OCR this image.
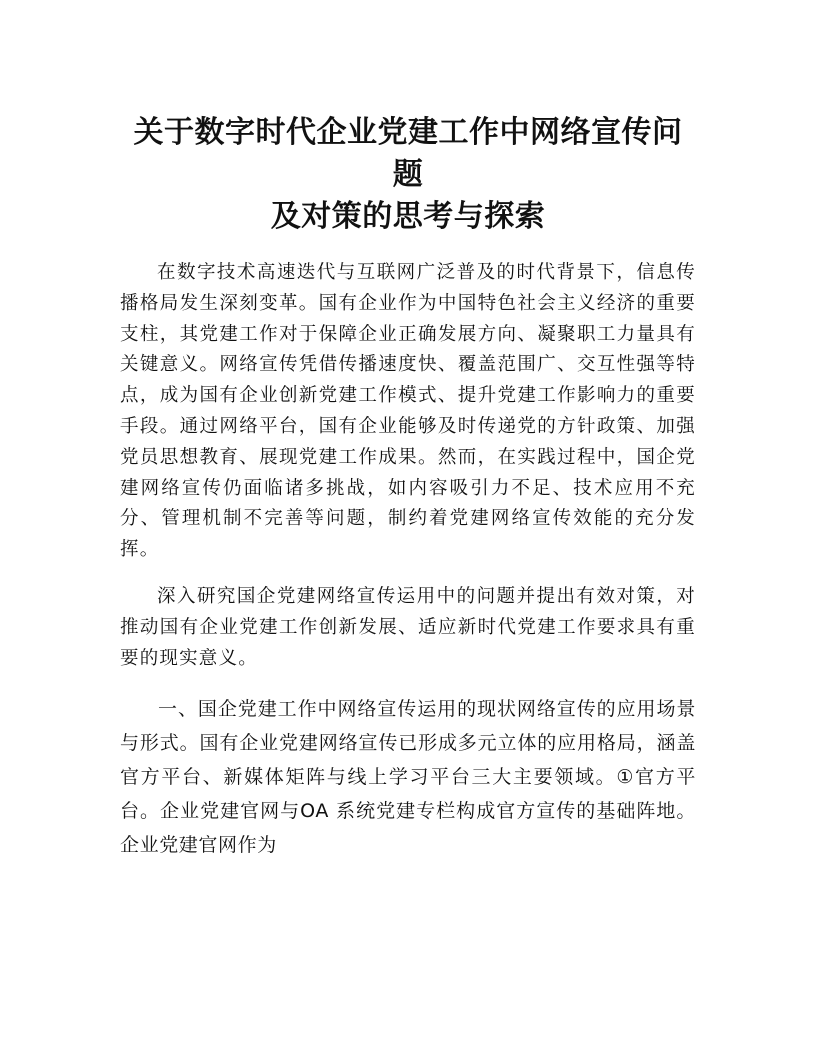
关于数字时代企业党建工作中网络宣传问题
及对策的思考与探索

在数字技术高速迭代与互联网广泛普及的时代背景下，信息传播格局发生深刻变革。国有企业作为中国特色社会主义经济的重要支柱，其党建工作对于保障企业正确发展方向、凝聚职工力量具有关键意义。网络宣传凭借传播速度快、覆盖范围广、交互性强等特点，成为国有企业创新党建工作模式、提升党建工作影响力的重要手段。通过网络平台，国有企业能够及时传递党的方针政策、加强党员思想教育、展现党建工作成果。然而，在实践过程中，国企党建网络宣传仍面临诸多挑战，如内容吸引力不足、技术应用不充分、管理机制不完善等问题，制约着党建网络宣传效能的充分发挥。

深入研究国企党建网络宣传运用中的问题并提出有效对策，对推动国有企业党建工作创新发展、适应新时代党建工作要求具有重要的现实意义。

一、国企党建工作中网络宣传运用的现状网络宣传的应用场景与形式。国有企业党建网络宣传已形成多元立体的应用格局，涵盖官方平台、新媒体矩阵与线上学习平台三大主要领域。①官方平台。企业党建官网与OA 系统党建专栏构成官方宣传的基础阵地。企业党建官网作为
